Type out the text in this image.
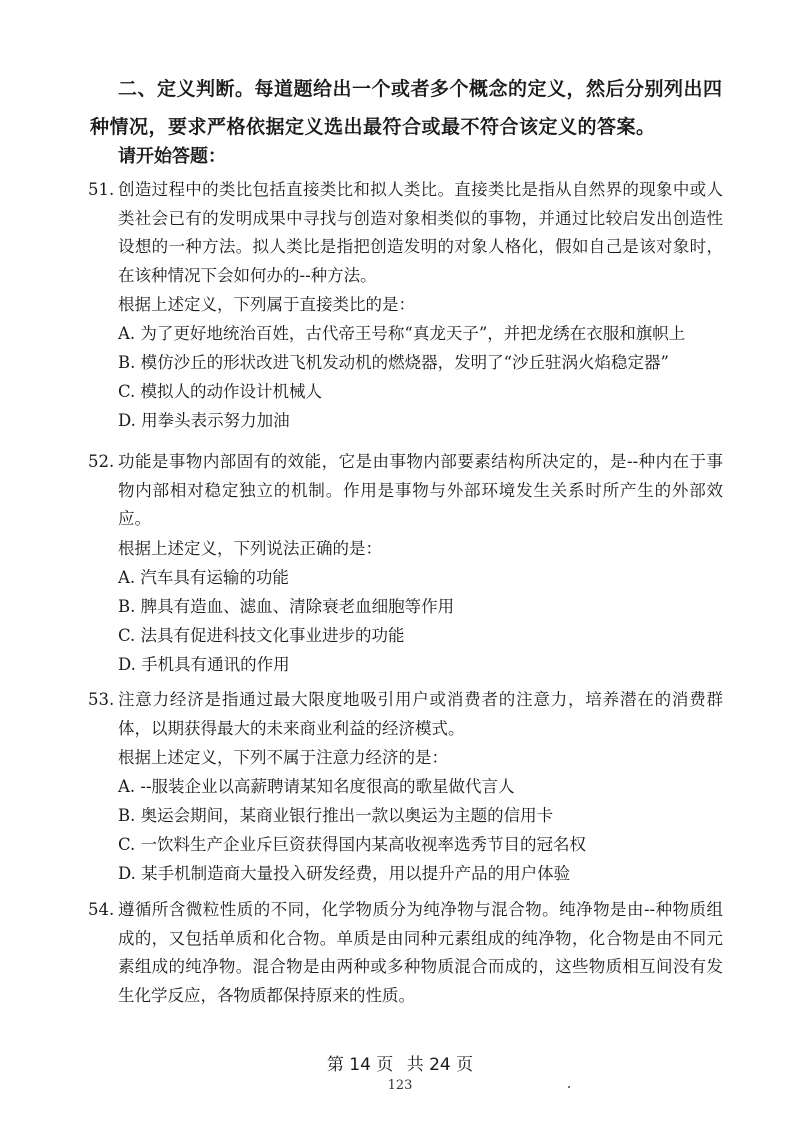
二、定义判断。每道题给出一个或者多个概念的定义，然后分别列出四种情况，要求严格依据定义选出最符合或最不符合该定义的答案。
请开始答题：
51. 创造过程中的类比包括直接类比和拟人类比。直接类比是指从自然界的现象中或人类社会已有的发明成果中寻找与创造对象相类似的事物，并通过比较启发出创造性设想的一种方法。拟人类比是指把创造发明的对象人格化，假如自己是该对象时，在该种情况下会如何办的--种方法。
根据上述定义，下列属于直接类比的是：
A. 为了更好地统治百姓，古代帝王号称“真龙天子”，并把龙绣在衣服和旗帜上
B. 模仿沙丘的形状改进飞机发动机的燃烧器，发明了“沙丘驻涡火焰稳定器”
C. 模拟人的动作设计机械人
D. 用拳头表示努力加油
52. 功能是事物内部固有的效能，它是由事物内部要素结构所决定的，是--种内在于事物内部相对稳定独立的机制。作用是事物与外部环境发生关系时所产生的外部效应。
根据上述定义，下列说法正确的是：
A. 汽车具有运输的功能
B. 脾具有造血、滤血、清除衰老血细胞等作用
C. 法具有促进科技文化事业进步的功能
D. 手机具有通讯的作用
53. 注意力经济是指通过最大限度地吸引用户或消费者的注意力，培养潜在的消费群体，以期获得最大的未来商业利益的经济模式。
根据上述定义，下列不属于注意力经济的是：
A. --服装企业以高薪聘请某知名度很高的歌星做代言人
B. 奥运会期间，某商业银行推出一款以奥运为主题的信用卡
C. 一饮料生产企业斥巨资获得国内某高收视率选秀节目的冠名权
D. 某手机制造商大量投入研发经费，用以提升产品的用户体验
54. 遵循所含微粒性质的不同，化学物质分为纯净物与混合物。纯净物是由--种物质组成的，又包括单质和化合物。单质是由同种元素组成的纯净物，化合物是由不同元素组成的纯净物。混合物是由两种或多种物质混合而成的，这些物质相互间没有发生化学反应，各物质都保持原来的性质。
第 14 页 共 24 页
123
